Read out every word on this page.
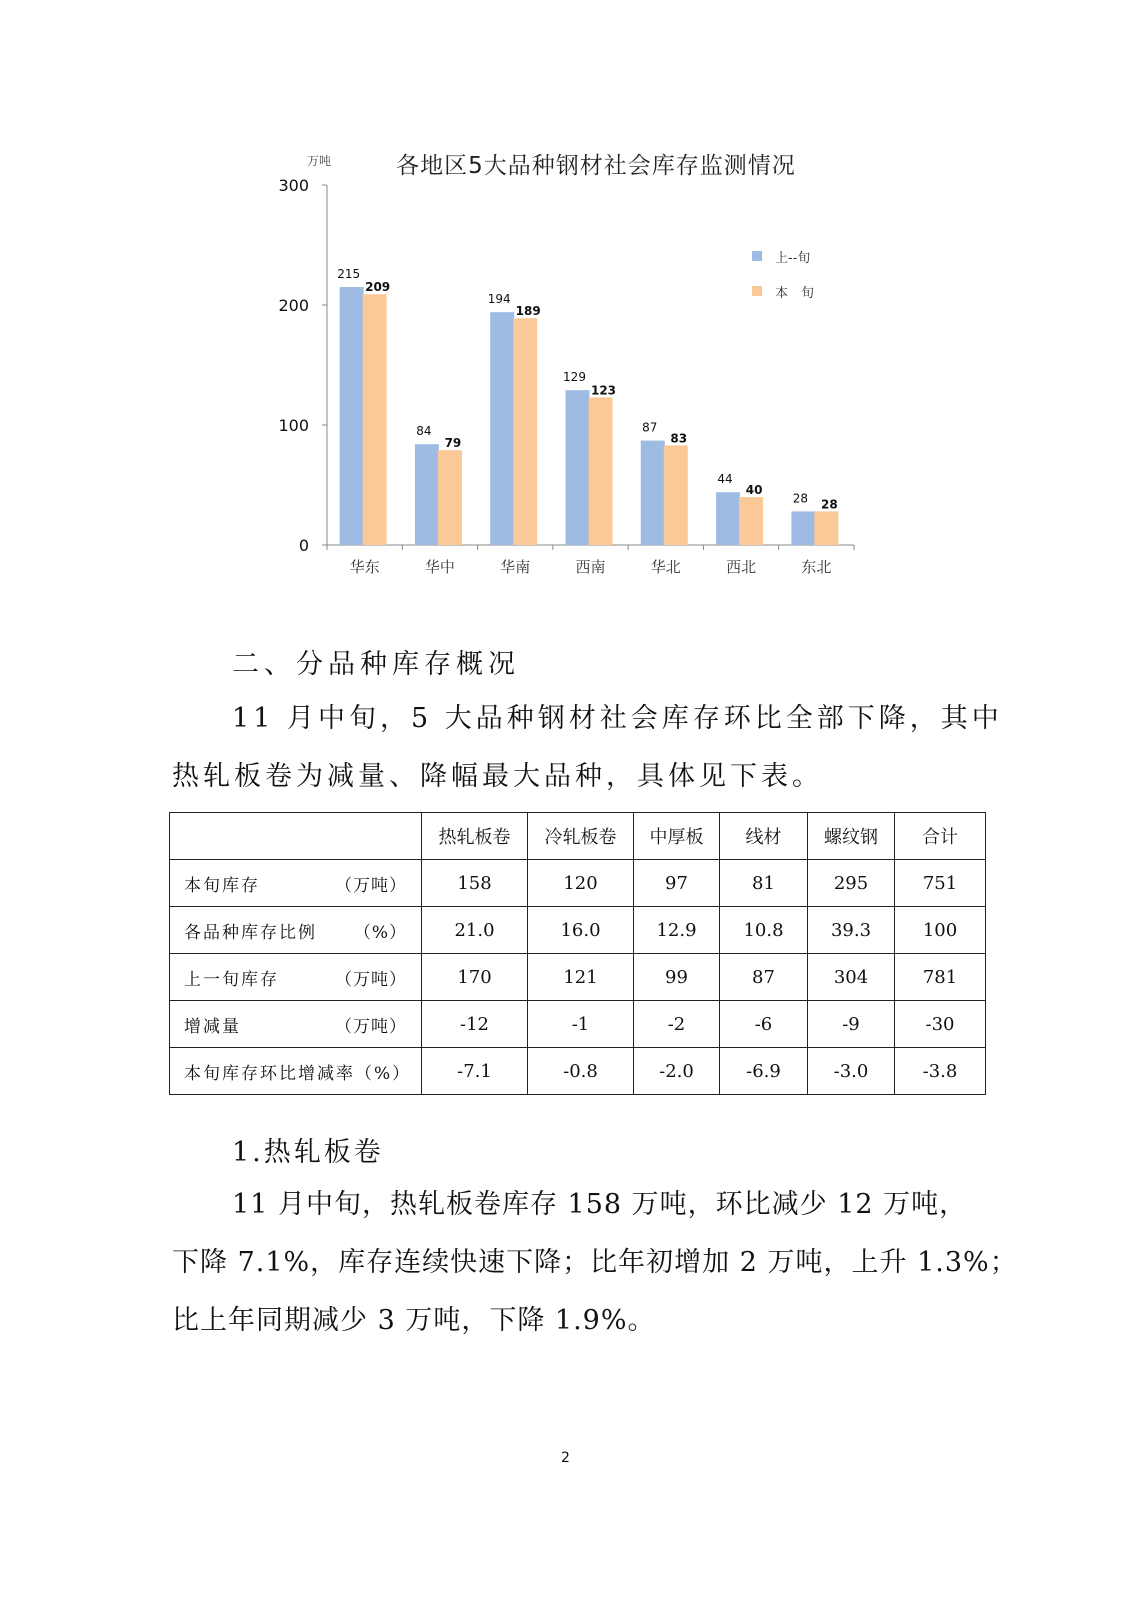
各地区5大品种钢材社会库存监测情况
万吨
0
100
200
300
华东	华中	华南	西南	华北	西北	东北
215
209
84
79
194
189
129
123
87
83
44
40
28 28
上--旬
本　旬
二、分品种库存概况
11 月中旬，5 大品种钢材社会库存环比全部下降，其中
热轧板卷为减量、降幅最大品种，具体见下表。
	热轧板卷	冷轧板卷	中厚板	线材	螺纹钢	合计
本旬库存 （万吨）	158	120	97	81	295	751
各品种库存比例 （%）	21.0	16.0	12.9	10.8	39.3	100
上一旬库存 （万吨）	170	121	99	87	304	781
增减量 （万吨）	-12	-1	-2	-6	-9	-30
本旬库存环比增减率（%）	-7.1	-0.8	-2.0	-6.9	-3.0	-3.8
1.热轧板卷
11 月中旬，热轧板卷库存 158 万吨，环比减少 12 万吨，
下降 7.1%，库存连续快速下降；比年初增加 2 万吨，上升 1.3%；
比上年同期减少 3 万吨，下降 1.9%。
2
